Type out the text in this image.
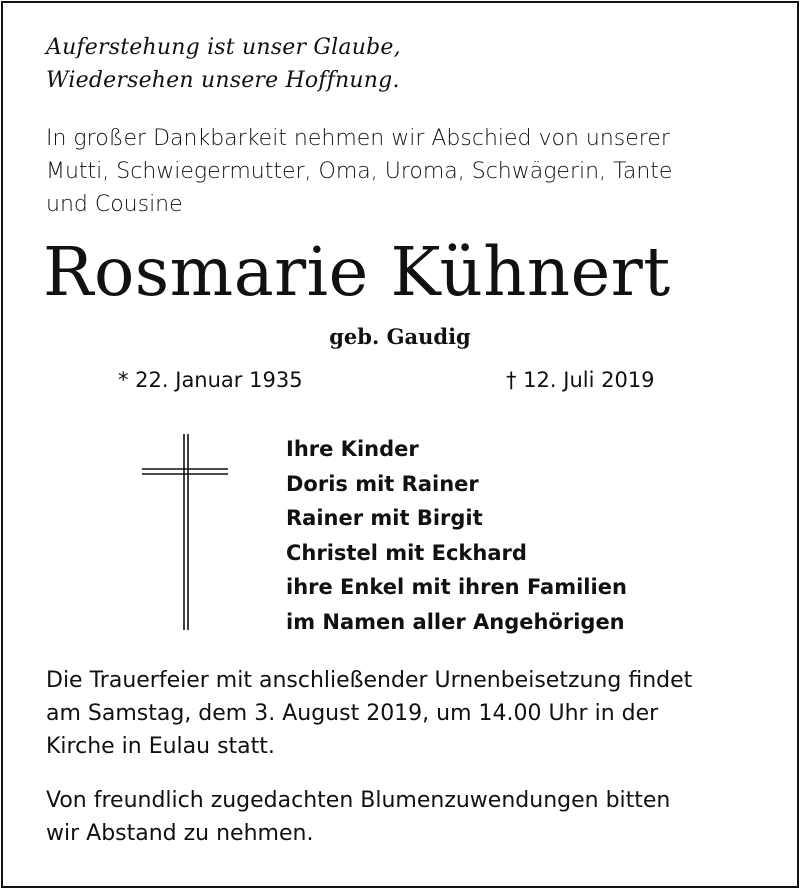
Auferstehung ist unser Glaube,
Wiedersehen unsere Hoffnung.
In großer Dankbarkeit nehmen wir Abschied von unserer
Mutti, Schwiegermutter, Oma, Uroma, Schwägerin, Tante
und Cousine
Rosmarie Kühnert
geb. Gaudig
* 22. Januar 1935	† 12. Juli 2019
Ihre Kinder
Doris mit Rainer
Rainer mit Birgit
Christel mit Eckhard
ihre Enkel mit ihren Familien
im Namen aller Angehörigen
Die Trauerfeier mit anschließender Urnenbeisetzung findet
am Samstag, dem 3. August 2019, um 14.00 Uhr in der
Kirche in Eulau statt.
Von freundlich zugedachten Blumenzuwendungen bitten
wir Abstand zu nehmen.
